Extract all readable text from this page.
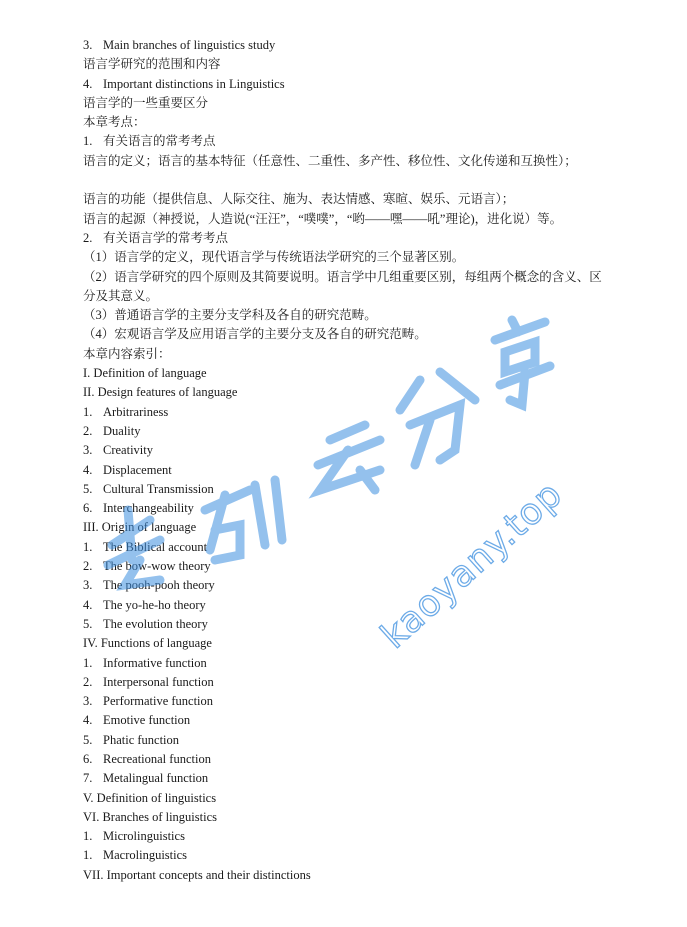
3. Main branches of linguistics study
语言学研究的范围和内容
4. Important distinctions in Linguistics
语言学的一些重要区分
本章考点：
1. 有关语言的常考考点
语言的定义；语言的基本特征（任意性、二重性、多产性、移位性、文化传递和互换性）；
语言的功能（提供信息、人际交往、施为、表达情感、寒暄、娱乐、元语言）；
语言的起源（神授说，人造说(“汪汪”，“噗噗”，“哟——嘿——吼”理论)，进化说）等。
2. 有关语言学的常考考点
（1）语言学的定义，现代语言学与传统语法学研究的三个显著区别。
（2）语言学研究的四个原则及其简要说明。语言学中几组重要区别，每组两个概念的含义、区分及其意义。
（3）普通语言学的主要分支学科及各自的研究范畴。
（4）宏观语言学及应用语言学的主要分支及各自的研究范畴。
本章内容索引：
I. Definition of language
II. Design features of language
1. Arbitrariness
2. Duality
3. Creativity
4. Displacement
5. Cultural Transmission
6. Interchangeability
III. Origin of language
1. The Biblical account
2. The bow-wow theory
3. The pooh-pooh theory
4. The yo-he-ho theory
5. The evolution theory
IV. Functions of language
1. Informative function
2. Interpersonal function
3. Performative function
4. Emotive function
5. Phatic function
6. Recreational function
7. Metalingual function
V. Definition of linguistics
VI. Branches of linguistics
1. Microlinguistics
1. Macrolinguistics
VII. Important concepts and their distinctions
kaoyany.top
